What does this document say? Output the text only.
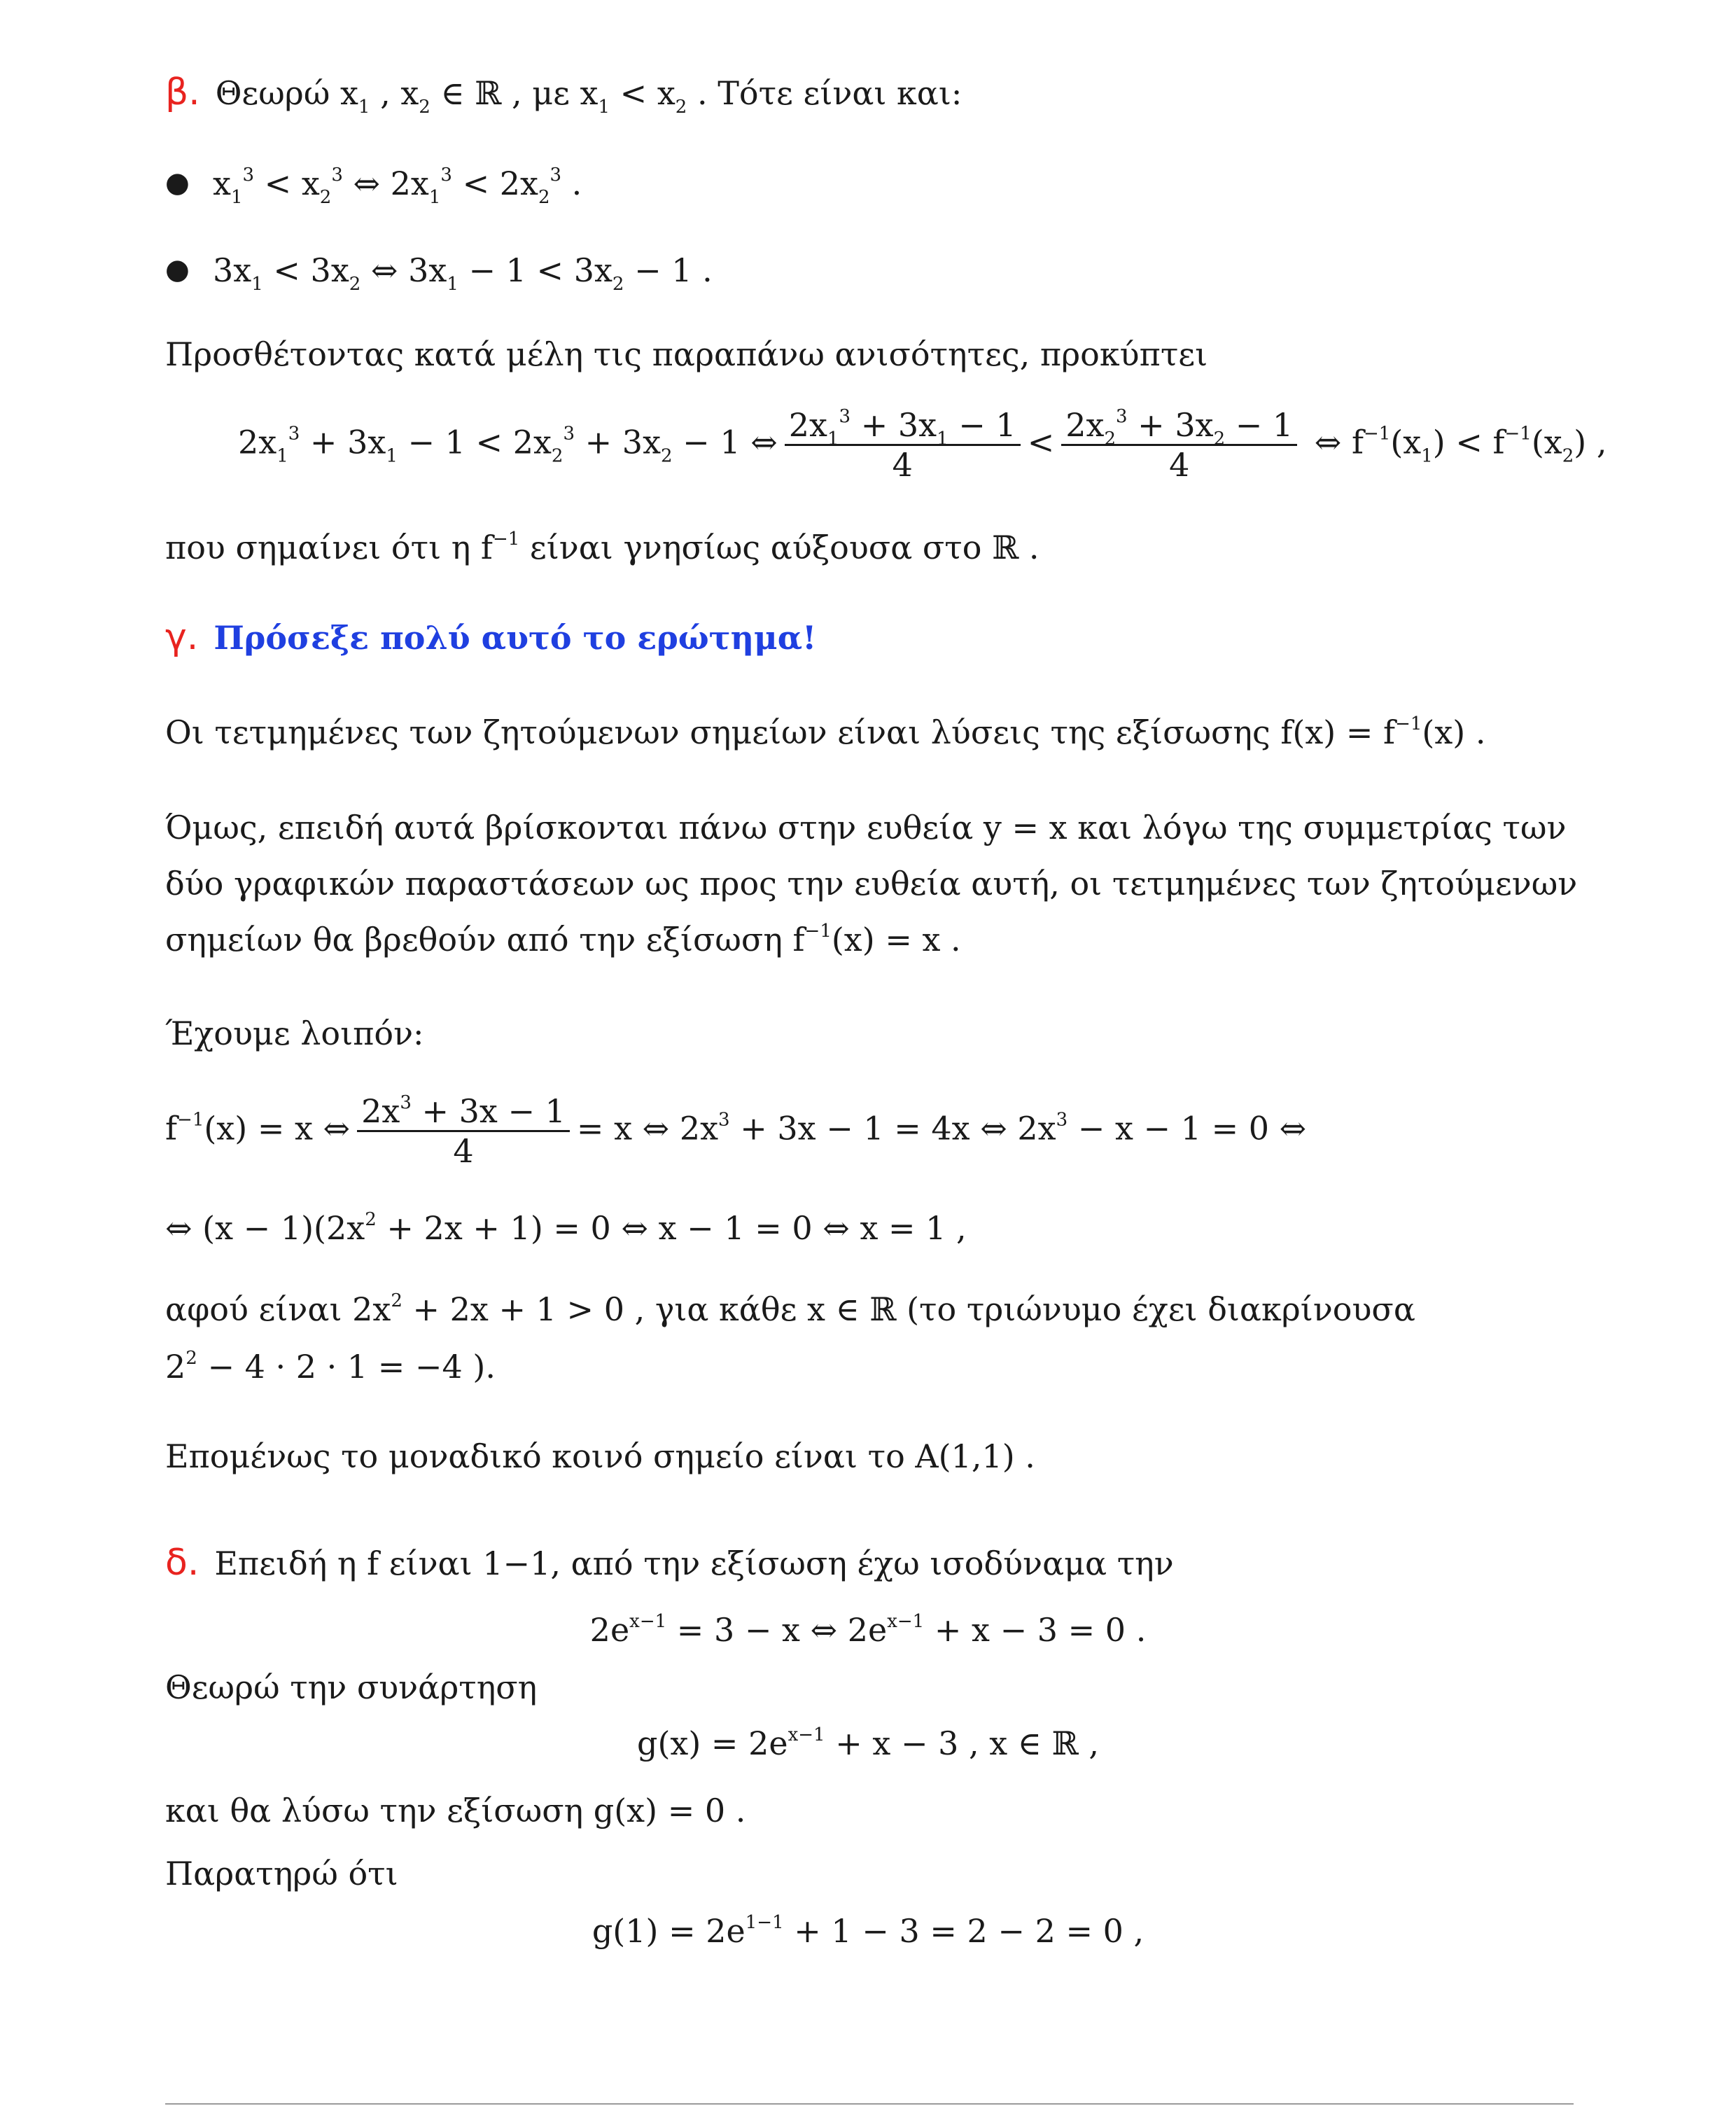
β. Θεωρώ $x_1$ , $x_2$ ∈ ℝ , με $x_1 < x_2$ . Τότε είναι και:
● $x_1^3 < x_2^3$ ⇔ $2x_1^3 < 2x_2^3$ .
● $3x_1 < 3x_2$ ⇔ $3x_1 - 1 < 3x_2 - 1$ .
Προσθέτοντας κατά μέλη τις παραπάνω ανισότητες, προκύπτει
$2x_1^3 + 3x_1 - 1 < 2x_2^3 + 3x_2 - 1$ ⇔ $\frac{2x_1^3 + 3x_1 - 1}{4} < \frac{2x_2^3 + 3x_2 - 1}{4}$ ⇔ $f^{-1}(x_1) < f^{-1}(x_2)$ ,
που σημαίνει ότι η $f^{-1}$ είναι γνησίως αύξουσα στο ℝ .
γ. Πρόσεξε πολύ αυτό το ερώτημα!
Οι τετμημένες των ζητούμενων σημείων είναι λύσεις της εξίσωσης $f(x) = f^{-1}(x)$ .
Όμως, επειδή αυτά βρίσκονται πάνω στην ευθεία y = x και λόγω της συμμετρίας των
δύο γραφικών παραστάσεων ως προς την ευθεία αυτή, οι τετμημένες των ζητούμενων
σημείων θα βρεθούν από την εξίσωση $f^{-1}(x) = x$ .
Έχουμε λοιπόν:
$f^{-1}(x) = x$ ⇔ $\frac{2x^3 + 3x - 1}{4} = x$ ⇔ $2x^3 + 3x - 1 = 4x$ ⇔ $2x^3 - x - 1 = 0$ ⇔
⇔ $(x - 1)(2x^2 + 2x + 1) = 0$ ⇔ x − 1 = 0 ⇔ x = 1 ,
αφού είναι $2x^2 + 2x + 1 > 0$ , για κάθε x ∈ ℝ (το τριώνυμο έχει διακρίνουσα
$2^2 - 4 \cdot 2 \cdot 1 = -4$ ).
Επομένως το μοναδικό κοινό σημείο είναι το Α(1,1) .
δ. Επειδή η f είναι 1−1, από την εξίσωση έχω ισοδύναμα την
$2e^{x-1} = 3 - x$ ⇔ $2e^{x-1} + x - 3 = 0$ .
Θεωρώ την συνάρτηση
$g(x) = 2e^{x-1} + x - 3$ , x ∈ ℝ ,
και θα λύσω την εξίσωση g(x) = 0 .
Παρατηρώ ότι
$g(1) = 2e^{1-1} + 1 - 3 = 2 - 2 = 0$ ,
